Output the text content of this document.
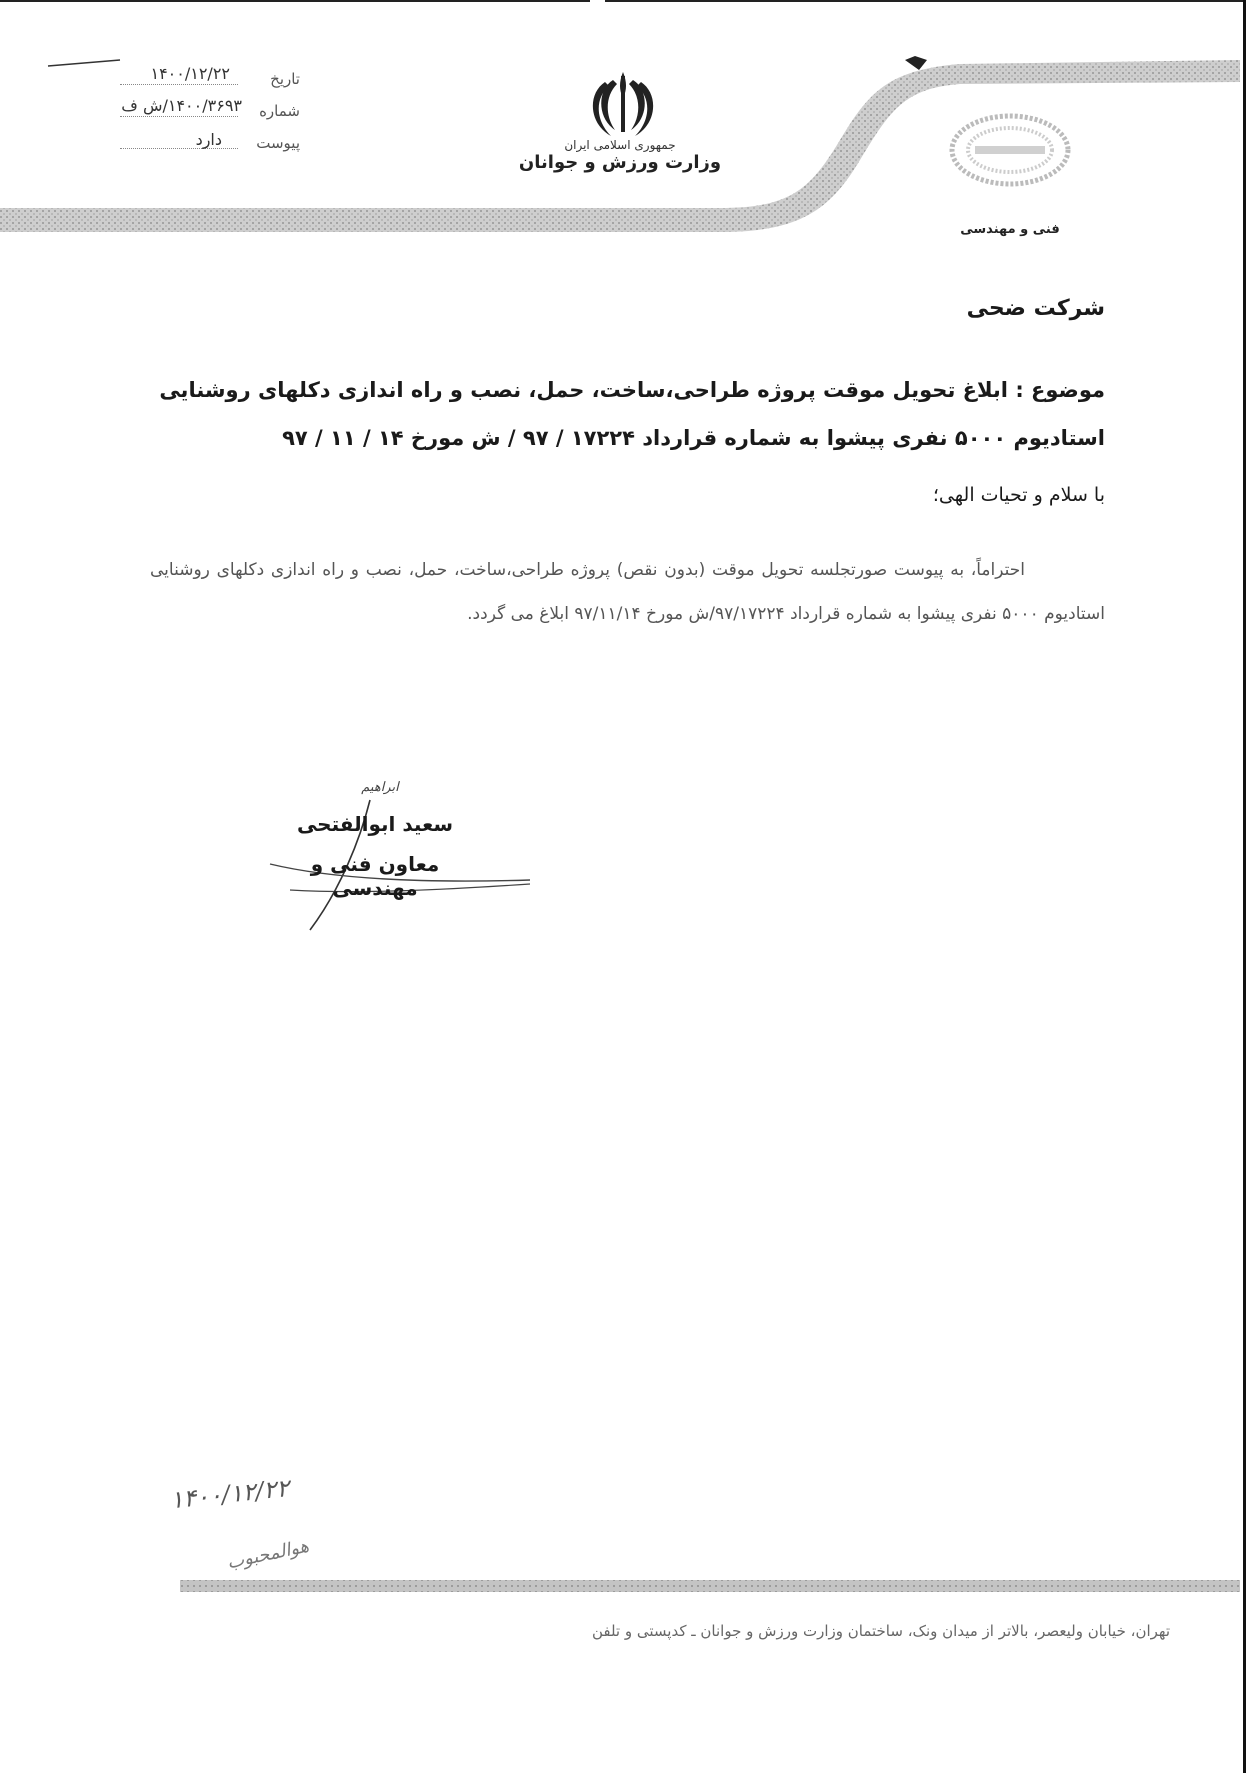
تاریخ
۱۴۰۰/۱۲/۲۲
شماره
۱۴۰۰/۳۶۹۳/ش ف
پیوست
دارد	جمهوری اسلامی ایران
وزارت ورزش و جوانان
فنی و مهندسی
شرکت ضحی
موضوع : ابلاغ تحویل موقت پروژه طراحی،ساخت، حمل، نصب و راه اندازی دکلهای روشنایی استادیوم ۵۰۰۰ نفری پیشوا به شماره قرارداد ۱۷۲۲۴ / ۹۷ / ش مورخ ۱۴ / ۱۱ / ۹۷
با سلام و تحیات الهی؛
احتراماً، به پیوست صورتجلسه تحویل موقت (بدون نقص) پروژه طراحی،ساخت، حمل، نصب و راه اندازی دکلهای روشنایی استادیوم ۵۰۰۰ نفری پیشوا به شماره قرارداد ۹۷/۱۷۲۲۴/ش مورخ ۹۷/۱۱/۱۴ ابلاغ می گردد.
ابراهیم
سعید ابوالفتحی
معاون فنی و مهندسی
۱۴۰۰/۱۲/۲۲
هوالمحبوب
تهران، خیابان ولیعصر، بالاتر از میدان ونک، ساختمان وزارت ورزش و جوانان ـ کدپستی و تلفن
